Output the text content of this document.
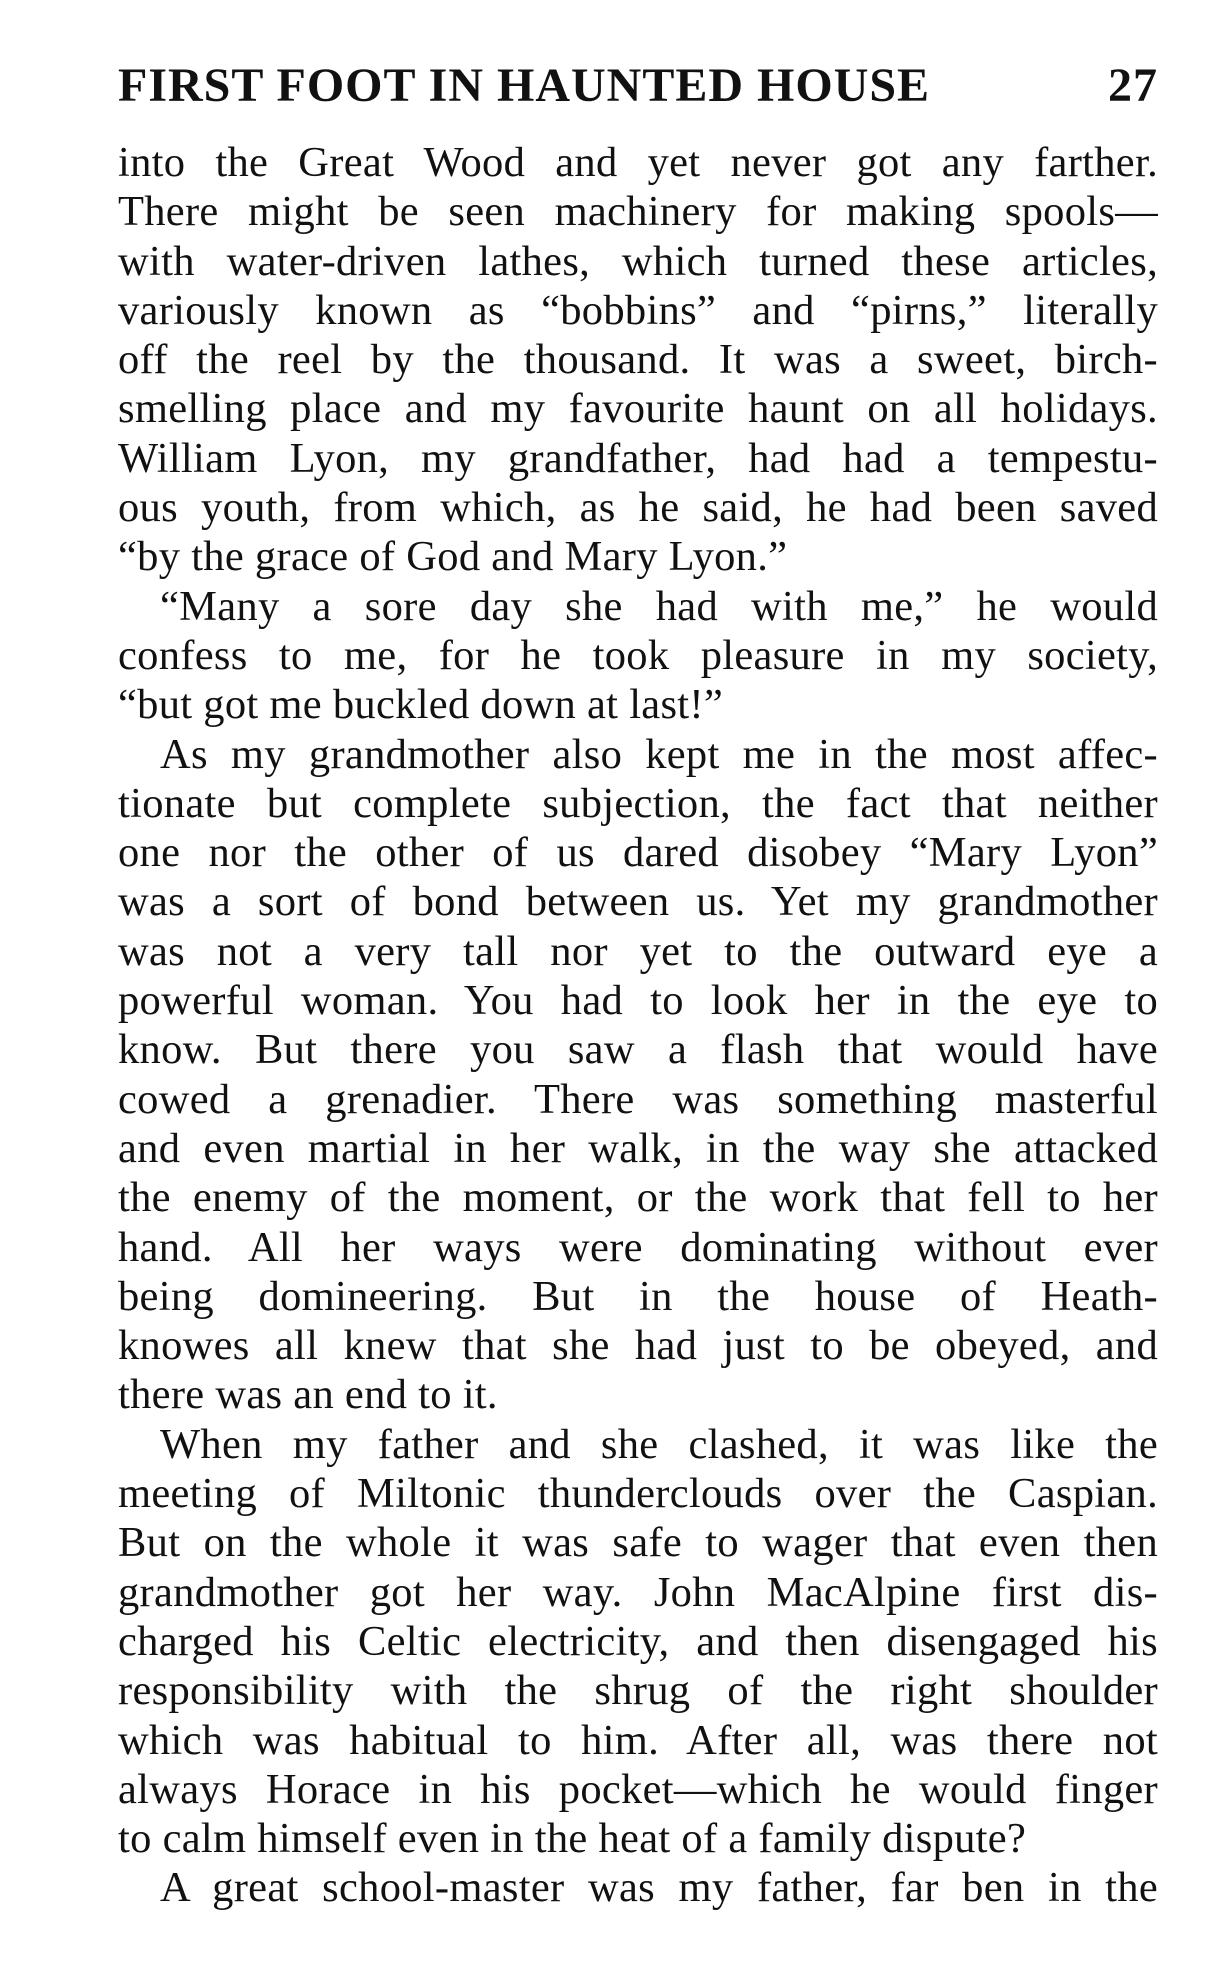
FIRST FOOT IN HAUNTED HOUSE	27
into the Great Wood and yet never got any farther.
There might be seen machinery for making spools—
with water-driven lathes, which turned these articles,
variously known as “bobbins” and “pirns,” literally
off the reel by the thousand. It was a sweet, birch-
smelling place and my favourite haunt on all holidays.
William Lyon, my grandfather, had had a tempestu-
ous youth, from which, as he said, he had been saved
“by the grace of God and Mary Lyon.”
“Many a sore day she had with me,” he would
confess to me, for he took pleasure in my society,
“but got me buckled down at last!”
As my grandmother also kept me in the most affec-
tionate but complete subjection, the fact that neither
one nor the other of us dared disobey “Mary Lyon”
was a sort of bond between us. Yet my grandmother
was not a very tall nor yet to the outward eye a
powerful woman. You had to look her in the eye to
know. But there you saw a flash that would have
cowed a grenadier. There was something masterful
and even martial in her walk, in the way she attacked
the enemy of the moment, or the work that fell to her
hand. All her ways were dominating without ever
being domineering. But in the house of Heath-
knowes all knew that she had just to be obeyed, and
there was an end to it.
When my father and she clashed, it was like the
meeting of Miltonic thunderclouds over the Caspian.
But on the whole it was safe to wager that even then
grandmother got her way. John MacAlpine first dis-
charged his Celtic electricity, and then disengaged his
responsibility with the shrug of the right shoulder
which was habitual to him. After all, was there not
always Horace in his pocket—which he would finger
to calm himself even in the heat of a family dispute?
A great school-master was my father, far ben in the
